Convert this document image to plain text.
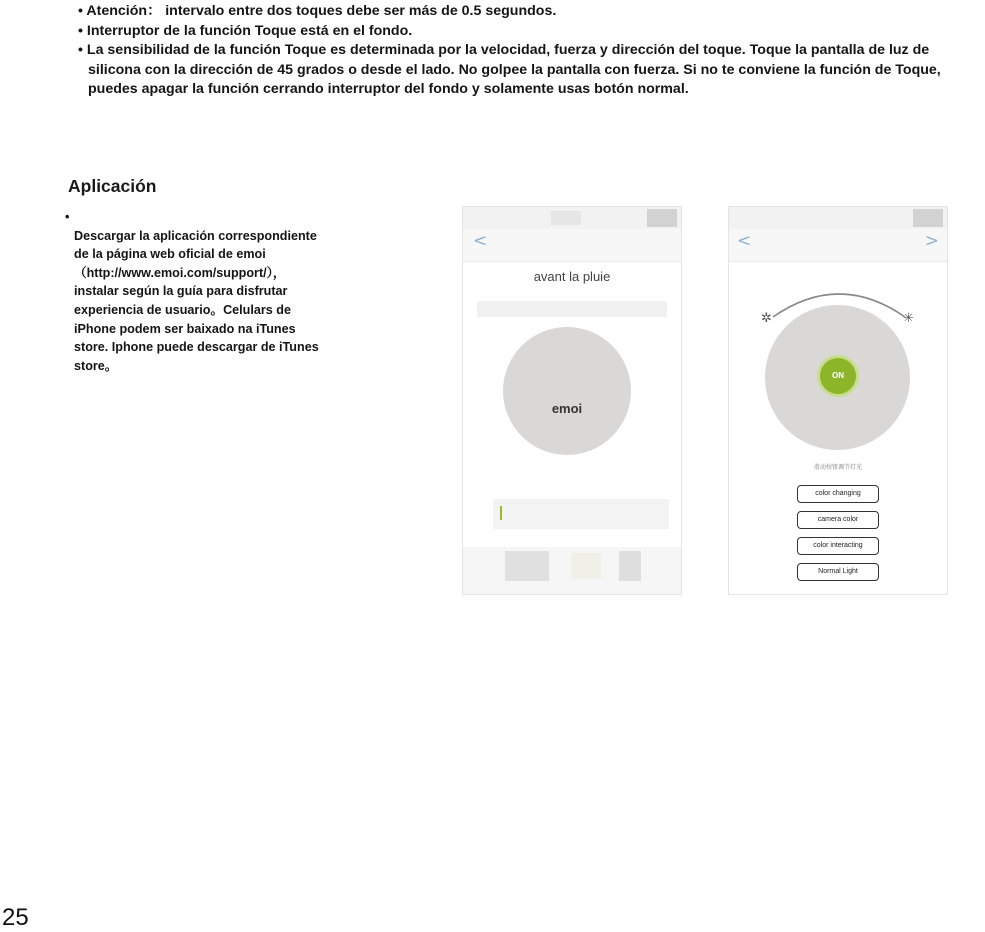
• Atención： intervalo entre dos toques debe ser más de 0.5 segundos.
• Interruptor de la función Toque está en el fondo.
• La sensibilidad de la función Toque es determinada por la velocidad, fuerza y dirección del toque. Toque la pantalla de luz de silicona con la dirección de 45 grados o desde el lado. No golpee la pantalla con fuerza. Si no te conviene la función de Toque, puedes apagar la función cerrando interruptor del fondo y solamente usas botón normal.
Aplicación

• Descargar la aplicación correspondiente
de la página web oficial de emoi
（http://www.emoi.com/support/），
instalar según la guía para disfrutar
experiencia de usuario。Celulars de
iPhone podem ser baixado na iTunes
store. Iphone puede descargar de iTunes
store。

<
avant la pluie
emoi
<	>
✲	✳
ON
滑动按钮调节灯光
color changing
camera color
color interacting
Normal Light
25
